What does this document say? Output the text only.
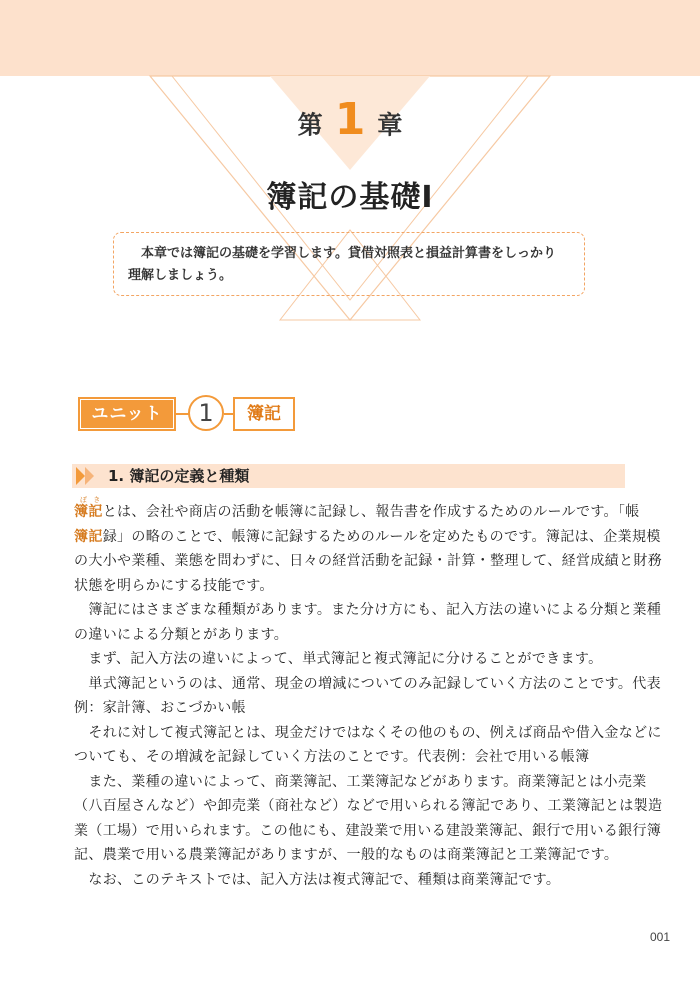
第 1 章
簿記の基礎Ⅰ

　本章では簿記の基礎を学習します。貸借対照表と損益計算書をしっかり

理解しましょう。

ユニット	1	簿記
1. 簿記の定義と種類
ぼ き
簿記とは、会社や商店の活動を帳簿に記録し、報告書を作成するためのルールです。「帳
簿記録」の略のことで、帳簿に記録するためのルールを定めたものです。簿記は、企業規模
の大小や業種、業態を問わずに、日々の経営活動を記録・計算・整理して、経営成績と財務
状態を明らかにする技能です。
　簿記にはさまざまな種類があります。また分け方にも、記入方法の違いによる分類と業種
の違いによる分類とがあります。
　まず、記入方法の違いによって、単式簿記と複式簿記に分けることができます。
　単式簿記というのは、通常、現金の増減についてのみ記録していく方法のことです。代表
例：家計簿、おこづかい帳
　それに対して複式簿記とは、現金だけではなくその他のもの、例えば商品や借入金などに
ついても、その増減を記録していく方法のことです。代表例：会社で用いる帳簿
　また、業種の違いによって、商業簿記、工業簿記などがあります。商業簿記とは小売業
（八百屋さんなど）や卸売業（商社など）などで用いられる簿記であり、工業簿記とは製造
業（工場）で用いられます。この他にも、建設業で用いる建設業簿記、銀行で用いる銀行簿
記、農業で用いる農業簿記がありますが、一般的なものは商業簿記と工業簿記です。
　なお、このテキストでは、記入方法は複式簿記で、種類は商業簿記です。
001
